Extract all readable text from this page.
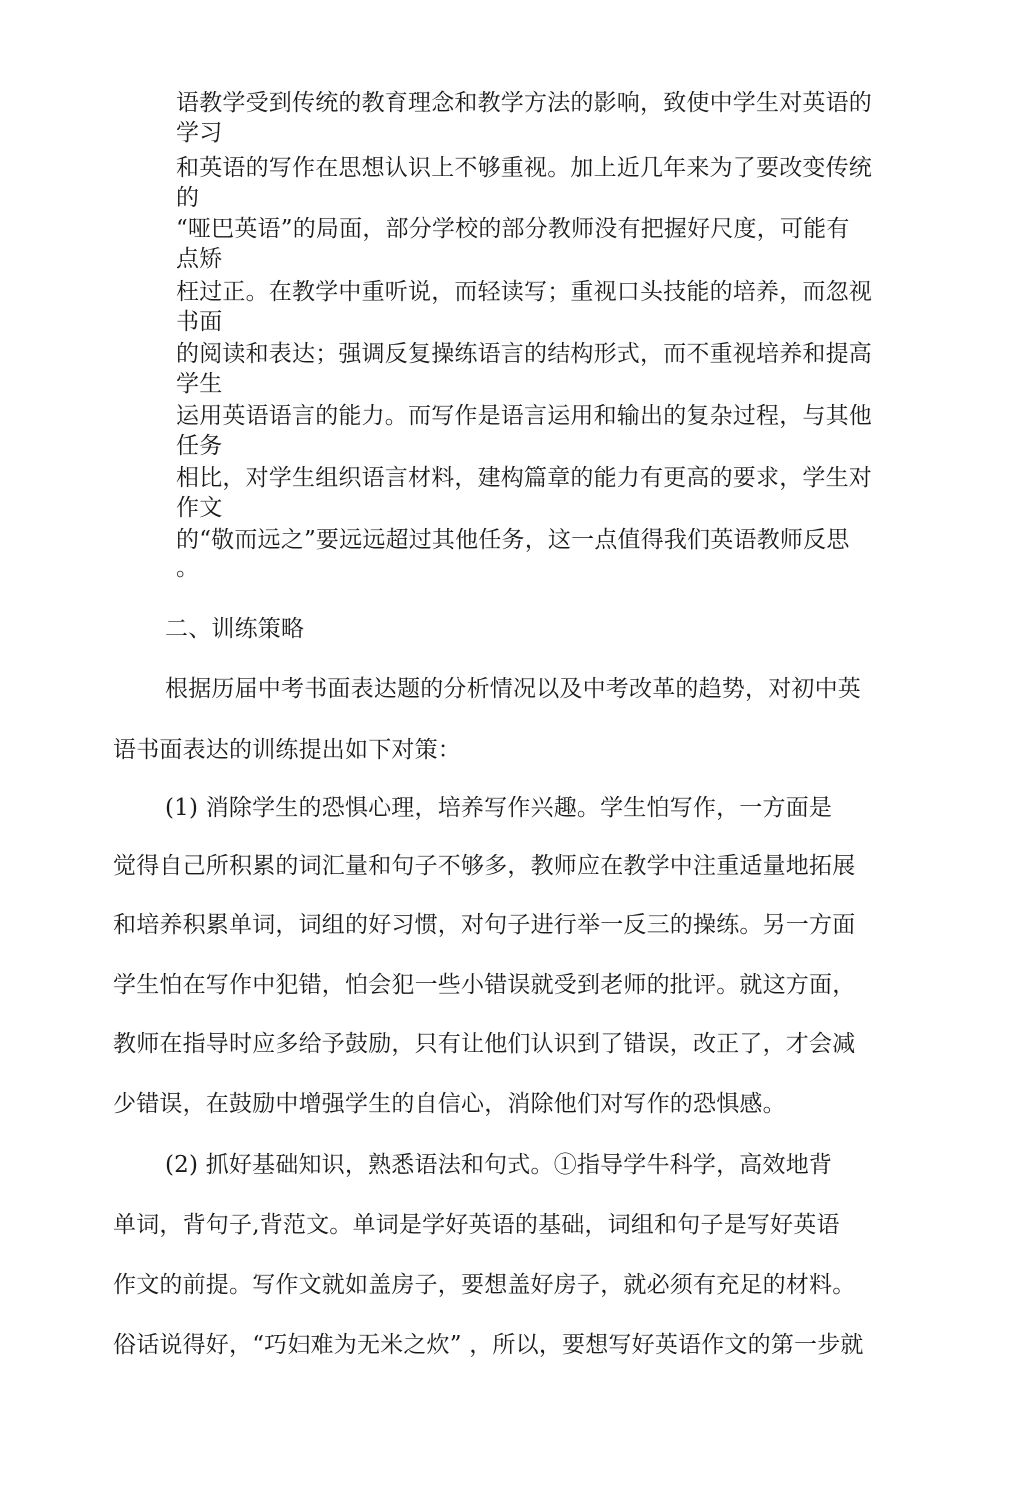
语教学受到传统的教育理念和教学方法的影响，致使中学生对英语的
学习
和英语的写作在思想认识上不够重视。加上近几年来为了要改变传统
的
“哑巴英语”的局面，部分学校的部分教师没有把握好尺度，可能有
点矫
枉过正。在教学中重听说，而轻读写；重视口头技能的培养，而忽视
书面
的阅读和表达；强调反复操练语言的结构形式，而不重视培养和提高
学生
运用英语语言的能力。而写作是语言运用和输出的复杂过程，与其他
任务
相比，对学生组织语言材料，建构篇章的能力有更高的要求，学生对
作文
的“敬而远之”要远远超过其他任务，这一点值得我们英语教师反思
。
二、训练策略
根据历届中考书面表达题的分析情况以及中考改革的趋势，对初中英
语书面表达的训练提出如下对策：
(1) 消除学生的恐惧心理，培养写作兴趣。学生怕写作，一方面是
觉得自己所积累的词汇量和句子不够多，教师应在教学中注重适量地拓展
和培养积累单词，词组的好习惯，对句子进行举一反三的操练。另一方面
学生怕在写作中犯错，怕会犯一些小错误就受到老师的批评。就这方面，
教师在指导时应多给予鼓励，只有让他们认识到了错误，改正了，才会减
少错误，在鼓励中增强学生的自信心，消除他们对写作的恐惧感。
(2) 抓好基础知识，熟悉语法和句式。①指导学牛科学，高效地背
单词，背句子,背范文。单词是学好英语的基础，词组和句子是写好英语
作文的前提。写作文就如盖房子，要想盖好房子，就必须有充足的材料。
俗话说得好，“巧妇难为无米之炊” ，所以，要想写好英语作文的第一步就
